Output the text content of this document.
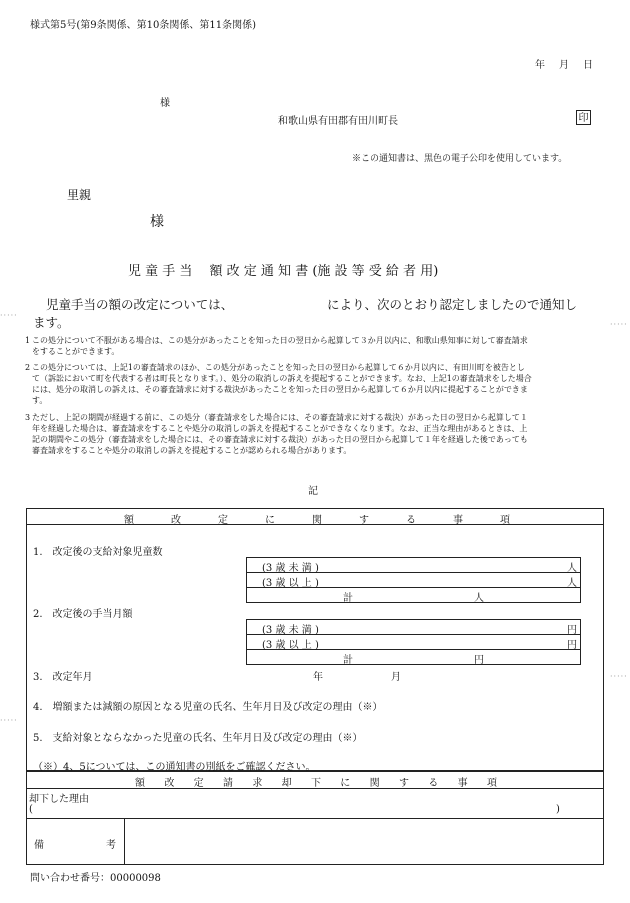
様式第5号(第9条関係、第10条関係、第11条関係)
年 月 日
様
和歌山県有田郡有田川町長	印
※この通知書は、黒色の電子公印を使用しています。
里親
様
児 童 手 当　 額 改 定 通 知 書 (施 設 等 受 給 者 用)
児童手当の額の改定については、	により、次のとおり認定しましたので通知し
ます。
·····
·····
·····
·····
1 この処分について不服がある場合は、この処分があったことを知った日の翌日から起算して３か月以内に、和歌山県知事に対して審査請求
をすることができます。
2 この処分については、上記1の審査請求のほか、この処分があったことを知った日の翌日から起算して６か月以内に、有田川町を被告とし
て（訴訟において町を代表する者は町長となります。）、処分の取消しの訴えを提起することができます。なお、上記1の審査請求をした場合
には、処分の取消しの訴えは、その審査請求に対する裁決があったことを知った日の翌日から起算して６か月以内に提起することができま
す。
3 ただし、上記の期間が経過する前に、この処分（審査請求をした場合には、その審査請求に対する裁決）があった日の翌日から起算して１
年を経過した場合は、審査請求をすることや処分の取消しの訴えを提起することができなくなります。なお、正当な理由があるときは、上
記の期間やこの処分（審査請求をした場合には、その審査請求に対する裁決）があった日の翌日から起算して１年を経過した後であっても
審査請求をすることや処分の取消しの訴えを提起することが認められる場合があります。
記
額	改	定	に	関	す	る	事	項
1.　改定後の支給対象児童数
(3 歳 未 満 )	人
(3 歳 以 上 )	人
計	人
2.　改定後の手当月額
(3 歳 未 満 )	円
(3 歳 以 上 )	円
計	円
3.　改定年月	年	月
4.　増額または減額の原因となる児童の氏名、生年月日及び改定の理由（※）
5.　支給対象とならなかった児童の氏名、生年月日及び改定の理由（※）
（※）4、5については、この通知書の別紙をご確認ください。
額 改 定 請 求 却 下 に 関 す る 事 項
却下した理由
(	)
備	考
問い合わせ番号：00000098
